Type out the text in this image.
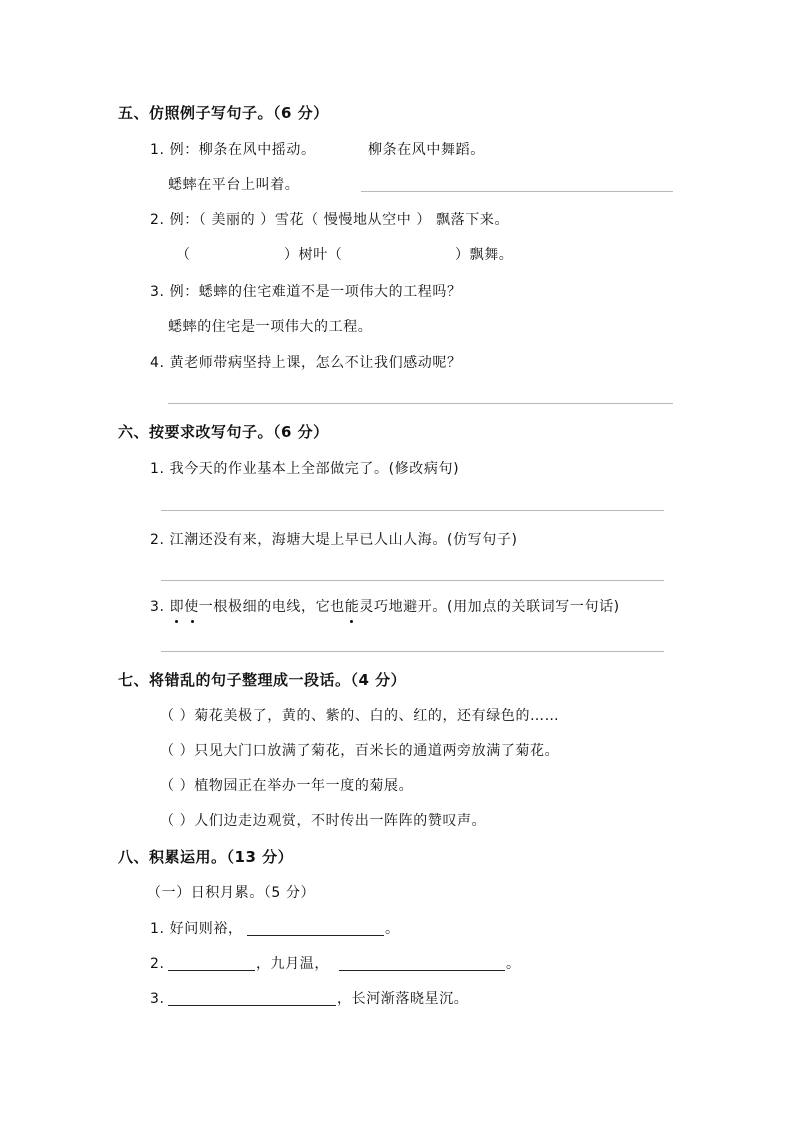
五、仿照例子写句子。（6 分）
1. 例：柳条在风中摇动。	柳条在风中舞蹈。
蟋蟀在平台上叫着。
2. 例：（ 美丽的 ）雪花（ 慢慢地从空中 ） 飘落下来。
（	）树叶（	）飘舞。
3. 例：蟋蟀的住宅难道不是一项伟大的工程吗？
蟋蟀的住宅是一项伟大的工程。
4. 黄老师带病坚持上课，怎么不让我们感动呢？
六、按要求改写句子。（6 分）
1. 我今天的作业基本上全部做完了。(修改病句)
2. 江潮还没有来，海塘大堤上早已人山人海。(仿写句子)
3. 即使一根极细的电线，它也能灵巧地避开。(用加点的关联词写一句话)
七、将错乱的句子整理成一段话。（4 分）
（ ）菊花美极了，黄的、紫的、白的、红的，还有绿色的……
（ ）只见大门口放满了菊花，百米长的通道两旁放满了菊花。
（ ）植物园正在举办一年一度的菊展。
（ ）人们边走边观赏，不时传出一阵阵的赞叹声。
八、积累运用。（13 分）
（一）日积月累。（5 分）
1. 好问则裕，	。
2.	，九月温，	。
3.	，长河渐落晓星沉。
